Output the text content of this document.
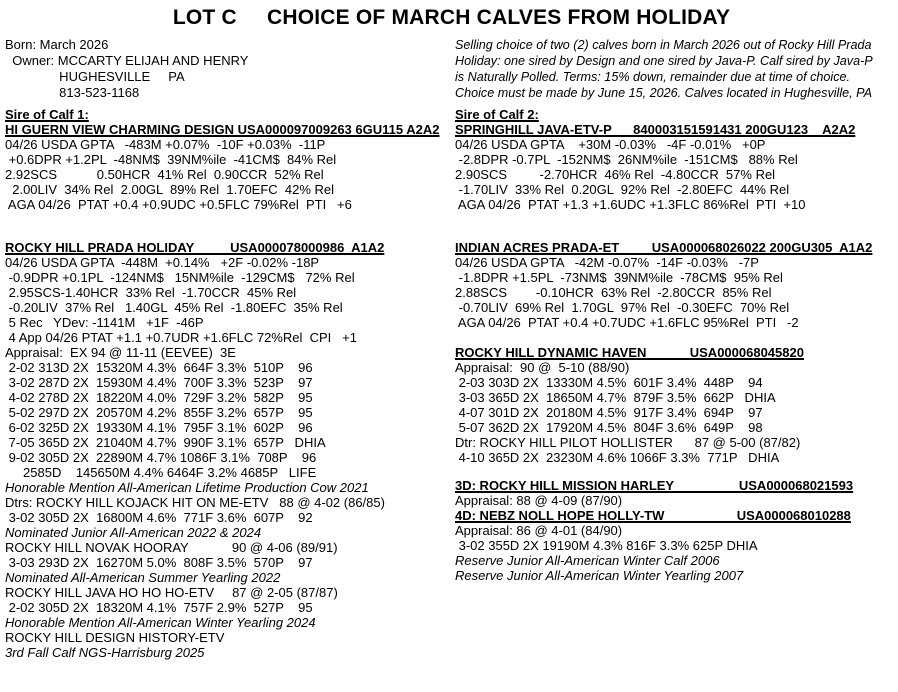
LOT C     CHOICE OF MARCH CALVES FROM HOLIDAY
Born: March 2026
Owner: MCCARTY ELIJAH AND HENRY
HUGHESVILLE     PA
813-523-1168
Selling choice of two (2) calves born in March 2026 out of Rocky Hill Prada
Holiday: one sired by Design and one sired by Java-P. Calf sired by Java-P
is Naturally Polled. Terms: 15% down, remainder due at time of choice.
Choice must be made by June 15, 2026. Calves located in Hughesville, PA
Sire of Calf 1:
HI GUERN VIEW CHARMING DESIGN USA000097009263 6GU115 A2A2
04/26 USDA GPTA   -483M +0.07%  -10F +0.03%  -11P
+0.6DPR +1.2PL  -48NM$  39NM%ile  -41CM$  84% Rel
2.92SCS           0.50HCR  41% Rel  0.90CCR  52% Rel
2.00LIV  34% Rel  2.00GL  89% Rel  1.70EFC  42% Rel
AGA 04/26  PTAT +0.4 +0.9UDC +0.5FLC 79%Rel  PTI   +6
ROCKY HILL PRADA HOLIDAY          USA000078000986  A1A2
04/26 USDA GPTA  -448M  +0.14%   +2F -0.02% -18P
-0.9DPR +0.1PL  -124NM$   15NM%ile  -129CM$   72% Rel
2.95SCS-1.40HCR  33% Rel  -1.70CCR  45% Rel
-0.20LIV  37% Rel   1.40GL  45% Rel  -1.80EFC  35% Rel
5 Rec   YDev: -1141M   +1F  -46P
4 App 04/26 PTAT +1.1 +0.7UDR +1.6FLC 72%Rel  CPI   +1
Appraisal:  EX 94 @ 11-11 (EEVEE)  3E
2-02 313D 2X  15320M 4.3%  664F 3.3%  510P    96
3-02 287D 2X  15930M 4.4%  700F 3.3%  523P    97
4-02 278D 2X  18220M 4.0%  729F 3.2%  582P    95
5-02 297D 2X  20570M 4.2%  855F 3.2%  657P    95
6-02 325D 2X  19330M 4.1%  795F 3.1%  602P    96
7-05 365D 2X  21040M 4.7%  990F 3.1%  657P   DHIA
9-02 305D 2X  22890M 4.7% 1086F 3.1%  708P    96
2585D    145650M 4.4% 6464F 3.2% 4685P   LIFE
Honorable Mention All-American Lifetime Production Cow 2021
Dtrs: ROCKY HILL KOJACK HIT ON ME-ETV   88 @ 4-02 (86/85)
3-02 305D 2X  16800M 4.6%  771F 3.6%  607P    92
Nominated Junior All-American 2022 & 2024
ROCKY HILL NOVAK HOORAY            90 @ 4-06 (89/91)
3-03 293D 2X  16270M 5.0%  808F 3.5%  570P    97
Nominated All-American Summer Yearling 2022
ROCKY HILL JAVA HO HO HO-ETV     87 @ 2-05 (87/87)
2-02 305D 2X  18320M 4.1%  757F 2.9%  527P    95
Honorable Mention All-American Winter Yearling 2024
ROCKY HILL DESIGN HISTORY-ETV
3rd Fall Calf NGS-Harrisburg 2025
Sire of Calf 2:
SPRINGHILL JAVA-ETV-P      840003151591431 200GU123    A2A2
04/26 USDA GPTA    +30M -0.03%   -4F -0.01%   +0P
-2.8DPR -0.7PL  -152NM$  26NM%ile  -151CM$   88% Rel
2.90SCS         -2.70HCR  46% Rel  -4.80CCR  57% Rel
-1.70LIV  33% Rel  0.20GL  92% Rel  -2.80EFC  44% Rel
AGA 04/26  PTAT +1.3 +1.6UDC +1.3FLC 86%Rel  PTI  +10
INDIAN ACRES PRADA-ET         USA000068026022 200GU305  A1A2
04/26 USDA GPTA   -42M -0.07%  -14F -0.03%   -7P
-1.8DPR +1.5PL  -73NM$  39NM%ile  -78CM$  95% Rel
2.88SCS        -0.10HCR  63% Rel  -2.80CCR  85% Rel
-0.70LIV  69% Rel  1.70GL  97% Rel  -0.30EFC  70% Rel
AGA 04/26  PTAT +0.4 +0.7UDC +1.6FLC 95%Rel  PTI   -2
ROCKY HILL DYNAMIC HAVEN            USA000068045820
Appraisal:  90 @  5-10 (88/90)
2-03 303D 2X  13330M 4.5%  601F 3.4%  448P    94
3-03 365D 2X  18650M 4.7%  879F 3.5%  662P   DHIA
4-07 301D 2X  20180M 4.5%  917F 3.4%  694P    97
5-07 362D 2X  17920M 4.5%  804F 3.6%  649P    98
Dtr: ROCKY HILL PILOT HOLLISTER      87 @ 5-00 (87/82)
4-10 365D 2X  23230M 4.6% 1066F 3.3%  771P   DHIA
3D: ROCKY HILL MISSION HARLEY                  USA000068021593
Appraisal: 88 @ 4-09 (87/90)
4D: NEBZ NOLL HOPE HOLLY-TW                    USA000068010288
Appraisal: 86 @ 4-01 (84/90)
3-02 355D 2X 19190M 4.3% 816F 3.3% 625P DHIA
Reserve Junior All-American Winter Calf 2006
Reserve Junior All-American Winter Yearling 2007
